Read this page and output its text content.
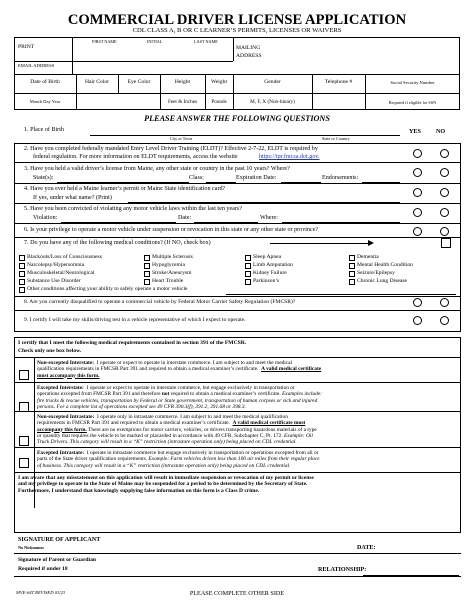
COMMERCIAL DRIVER LICENSE APPLICATION
CDL CLASS A, B OR C LEARNER’S PERMITS, LICENSES OR WAIVERS
PRINT
FIRST NAME	INITIAL	LAST NAME
MAILING
ADDRESS
EMAIL ADDRESS
Date of Birth	Hair Color	Eye Color	Height	Weight	Gender	Telephone #	Social Security Number
Month Day Year	Feet & Inches	Pounds	M, F, X (Non-binary)	Required if eligible for SSN
PLEASE ANSWER THE FOLLOWING QUESTIONS
YES NO
1. Place of Birth
City or Town	State or Country
2. Have you completed federally mandated Entry Level Driver Training (ELDT)? Effective 2-7-22, ELDT is required by
federal regulation. For more information on ELDT requirements, access the website	https://tpr.fmcsa.dot.gov.
3. Have you held a valid driver’s license from Maine, any other state or country in the past 10 years? Where?
State(s):	Class:	Expiration Date:	Endorsements:
4. Have you ever held a Maine learner’s permit or Maine State identification card?
If yes, under what name? (Print)
5. Have you been convicted of violating any motor vehicle laws within the last ten years?
Violation:	Date:	Where:
6. Is your privilege to operate a motor vehicle under suspension or revocation in this state or any other state or province?
7. Do you have any of the following medical conditions? (If NO, check box)
Blackouts/Loss of Consciousness	Multiple Sclerosis	Sleep Apnea	Dementia
Narcolepsy/Hypersomnia	Hypoglycemia	Limb Amputation	Mental Health Condition
Musculoskeletal/Neurological	Stroke/Aneurysm	Kidney Failure	Seizure/Epilepsy
Substance Use Disorder	Heart Trouble	Parkinson’s	Chronic Lung Disease
Other conditions affecting your ability to safely operate a motor vehicle
8. Are you currently disqualified to operate a commercial vehicle by Federal Motor Carrier Safety Regulation (FMCSR)?
9. I certify I will take my skills/driving test in a vehicle representative of which I expect to operate.
I certify that I meet the following medical requirements contained in section 391 of the FMCSR.
Check only one box below.
Non-excepted Interstate: I operate or expect to operate in interstate commerce. I am subject to and meet the medical
qualification requirements in FMCSR Part 391 and required to obtain a medical examiner’s certificate. A valid medical certificate
must accompany this form.
Excepted Interstate: I operate or expect to operate in interstate commerce, but engage exclusively in transportation or
operations excepted from FMCSR Part 391 and therefore not required to obtain a medical examiner’s certificate. Examples include:
fire trucks & rescue vehicles, transportation by Federal or State government, transportation of human corpses or sick and injured
persons. For a complete list of operations excepted see 49 CFR 390.3(f), 391.2, 391.68 or 398.3.
Non-excepted Intrastate: I operate only in intrastate commerce. I am subject to and meet the medical qualification
requirements in FMCSR Part 391 and required to obtain a medical examiner’s certificate. A valid medical certificate must
accompany this form. There are no exemptions for motor carriers, vehicles, or drivers transporting hazardous materials of a type
or quantity that requires the vehicle to be marked or placarded in accordance with 49 CFR, Subchapter C, Pt. 172. Example: Oil
Truck Drivers. This category will result in a “K” restriction (intrastate operation only) being placed on CDL credential.
Excepted Intrastate: I operate in intrastate commerce but engage exclusively in transportation or operations excepted from all or
parts of the State driver qualification requirements. Example: Farm vehicles driven less than 100 air miles from their regular place
of business. This category will result in a “K” restriction (intrastate operation only) being placed on CDL credential.
I am aware that any misstatement on this application will result in immediate suspension or revocation of my permit or license
and my privilege to operate in the State of Maine may be suspended for a period to be determined by the Secretary of State.
Furthermore, I understand that knowingly supplying false information on this form is a Class D crime.
SIGNATURE OF APPLICANT
No Nicknames	DATE:
Signature of Parent or Guardian
Required if under 18	RELATIONSHIP:
MVE-64T REVISED 03/23	PLEASE COMPLETE OTHER SIDE
